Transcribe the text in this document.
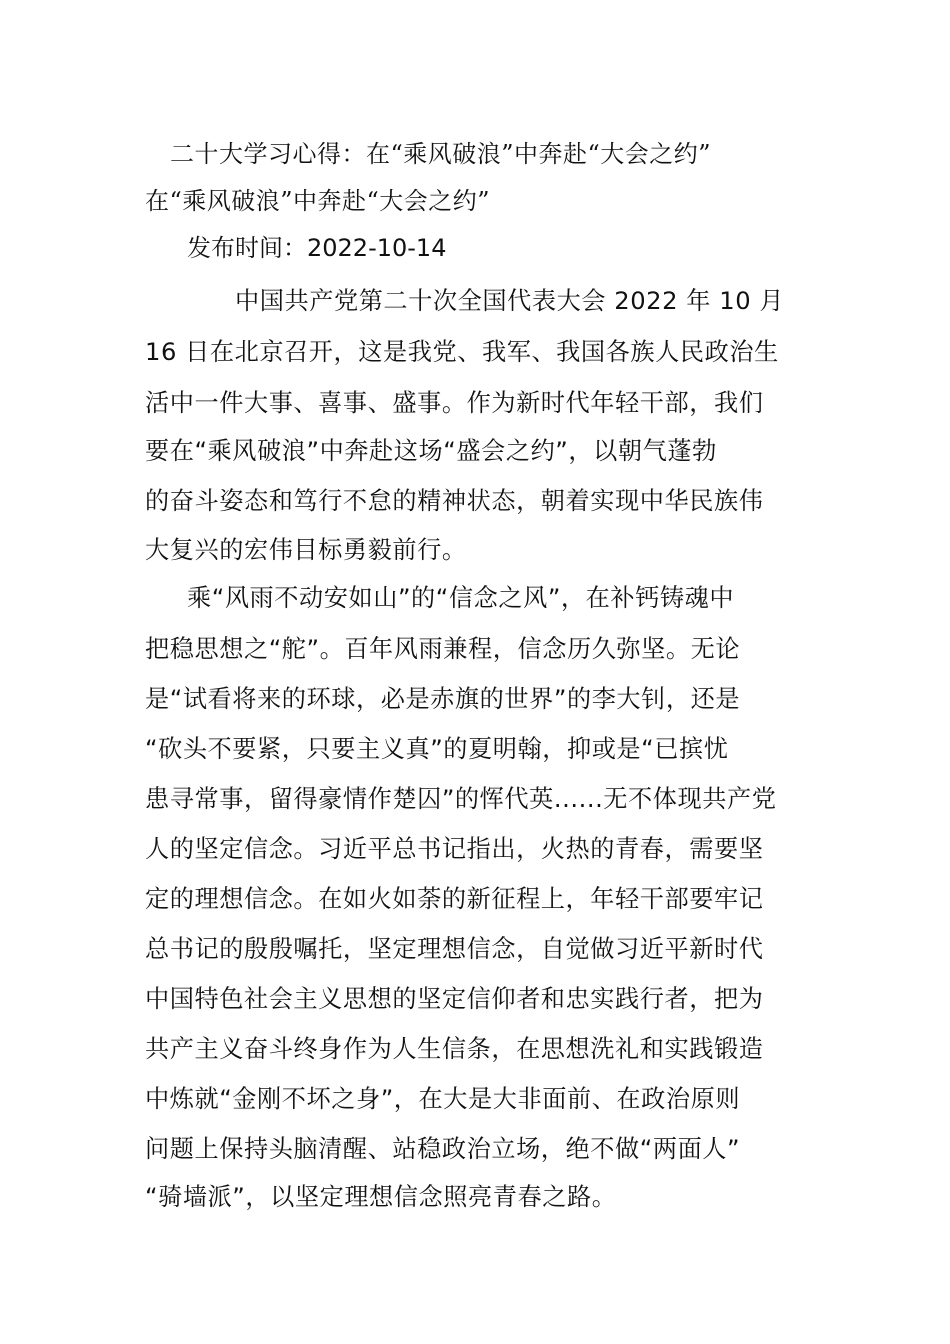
二十大学习心得：在“乘风破浪”中奔赴“大会之约”
在“乘风破浪”中奔赴“大会之约”
发布时间：2022-10-14
中国共产党第二十次全国代表大会 2022 年 10 月
16 日在北京召开，这是我党、我军、我国各族人民政治生
活中一件大事、喜事、盛事。作为新时代年轻干部，我们
要在“乘风破浪”中奔赴这场“盛会之约”，以朝气蓬勃
的奋斗姿态和笃行不怠的精神状态，朝着实现中华民族伟
大复兴的宏伟目标勇毅前行。
乘“风雨不动安如山”的“信念之风”，在补钙铸魂中
把稳思想之“舵”。百年风雨兼程，信念历久弥坚。无论
是“试看将来的环球，必是赤旗的世界”的李大钊，还是
“砍头不要紧，只要主义真”的夏明翰，抑或是“已摈忧
患寻常事，留得豪情作楚囚”的恽代英......无不体现共产党
人的坚定信念。习近平总书记指出，火热的青春，需要坚
定的理想信念。在如火如荼的新征程上，年轻干部要牢记
总书记的殷殷嘱托，坚定理想信念，自觉做习近平新时代
中国特色社会主义思想的坚定信仰者和忠实践行者，把为
共产主义奋斗终身作为人生信条，在思想洗礼和实践锻造
中炼就“金刚不坏之身”，在大是大非面前、在政治原则
问题上保持头脑清醒、站稳政治立场，绝不做“两面人”
“骑墙派”，以坚定理想信念照亮青春之路。
